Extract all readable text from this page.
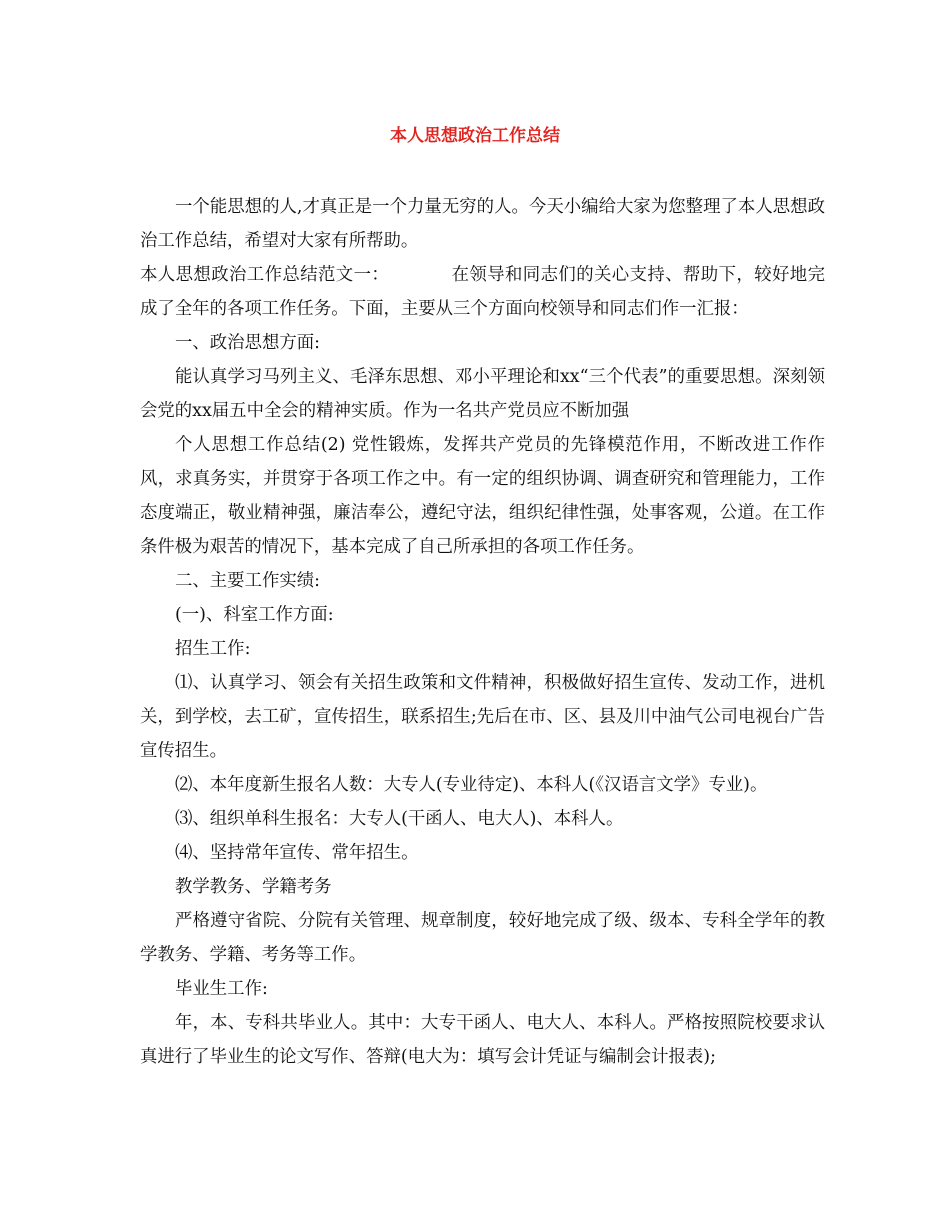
本人思想政治工作总结

一个能思想的人,才真正是一个力量无穷的人。今天小编给大家为您整理了本人思想政治工作总结，希望对大家有所帮助。

本人思想政治工作总结范文一：	在领导和同志们的关心支持、帮助下，较好地完成了全年的各项工作任务。下面，主要从三个方面向校领导和同志们作一汇报：

一、政治思想方面:

能认真学习马列主义、毛泽东思想、邓小平理论和xx“三个代表”的重要思想。深刻领会党的xx届五中全会的精神实质。作为一名共产党员应不断加强

个人思想工作总结(2) 党性锻炼，发挥共产党员的先锋模范作用，不断改进工作作风，求真务实，并贯穿于各项工作之中。有一定的组织协调、调查研究和管理能力，工作态度端正，敬业精神强，廉洁奉公，遵纪守法，组织纪律性强，处事客观，公道。在工作条件极为艰苦的情况下，基本完成了自己所承担的各项工作任务。

二、主要工作实绩:

(一)、科室工作方面:

招生工作:

⑴、认真学习、领会有关招生政策和文件精神，积极做好招生宣传、发动工作，进机关，到学校，去工矿，宣传招生，联系招生;先后在市、区、县及川中油气公司电视台广告宣传招生。

⑵、本年度新生报名人数：大专人(专业待定)、本科人(《汉语言文学》专业)。

⑶、组织单科生报名：大专人(干函人、电大人)、本科人。

⑷、坚持常年宣传、常年招生。

教学教务、学籍考务

严格遵守省院、分院有关管理、规章制度，较好地完成了级、级本、专科全学年的教学教务、学籍、考务等工作。

毕业生工作:

年，本、专科共毕业人。其中：大专干函人、电大人、本科人。严格按照院校要求认真进行了毕业生的论文写作、答辩(电大为：填写会计凭证与编制会计报表);
